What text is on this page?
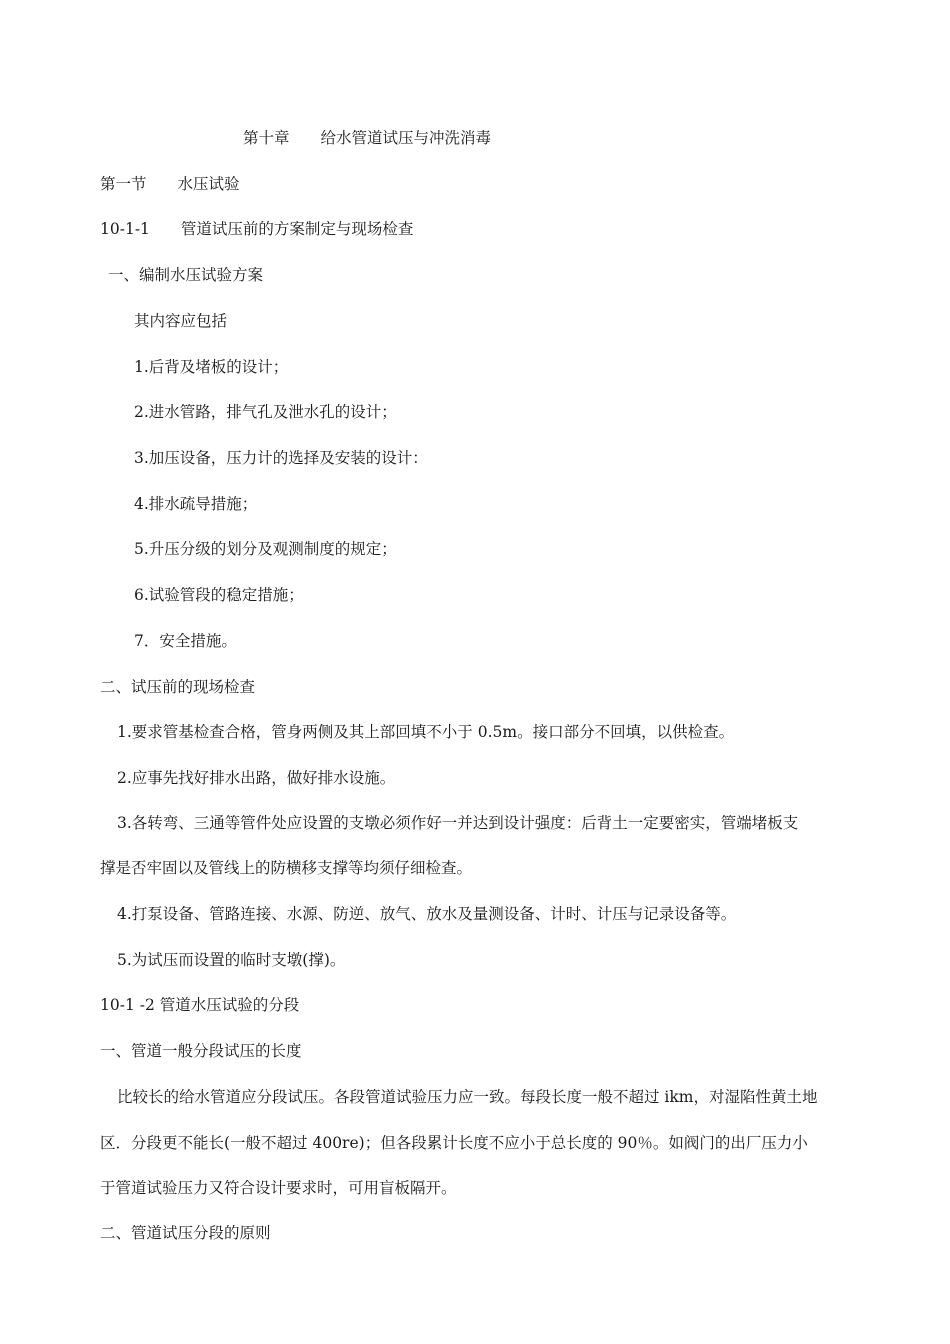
第十章　　给水管道试压与冲洗消毒
第一节　　水压试验
10-1-1　　管道试压前的方案制定与现场检查
一、编制水压试验方案
其内容应包括
1.后背及堵板的设计；
2.进水管路，排气孔及泄水孔的设计；
3.加压设备，压力计的选择及安装的设计：
4.排水疏导措施；
5.升压分级的划分及观测制度的规定；
6.试验管段的稳定措施；
7．安全措施。
二、试压前的现场检查
1.要求管基检查合格，管身两侧及其上部回填不小于 0.5m。接口部分不回填，以供检查。
2.应事先找好排水出路，做好排水设施。
3.各转弯、三通等管件处应设置的支墩必须作好一并达到设计强度：后背土一定要密实，管端堵板支
撑是否牢固以及管线上的防横移支撑等均须仔细检查。
4.打泵设备、管路连接、水源、防逆、放气、放水及量测设备、计时、计压与记录设备等。
5.为试压而设置的临时支墩(撑)。
10-1 -2 管道水压试验的分段
一、管道一般分段试压的长度
比较长的给水管道应分段试压。各段管道试验压力应一致。每段长度一般不超过 ikm，对湿陷性黄土地
区．分段更不能长(一般不超过 400re)；但各段累计长度不应小于总长度的 90％。如阀门的出厂压力小
于管道试验压力又符合设计要求时，可用盲板隔开。
二、管道试压分段的原则
